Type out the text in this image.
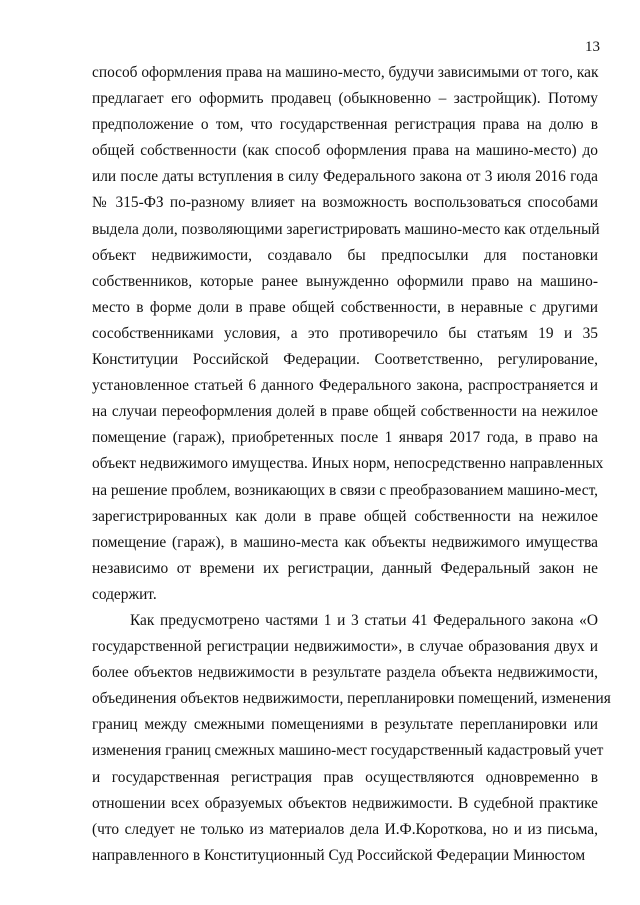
13
способ оформления права на машино-место, будучи зависимыми от того, как
предлагает его оформить продавец (обыкновенно – застройщик). Потому
предположение о том, что государственная регистрация права на долю в
общей собственности (как способ оформления права на машино-место) до
или после даты вступления в силу Федерального закона от 3 июля 2016 года
№ 315-ФЗ по-разному влияет на возможность воспользоваться способами
выдела доли, позволяющими зарегистрировать машино-место как отдельный
объект недвижимости, создавало бы предпосылки для постановки
собственников, которые ранее вынужденно оформили право на машино-
место в форме доли в праве общей собственности, в неравные с другими
сособственниками условия, а это противоречило бы статьям 19 и 35
Конституции Российской Федерации. Соответственно, регулирование,
установленное статьей 6 данного Федерального закона, распространяется и
на случаи переоформления долей в праве общей собственности на нежилое
помещение (гараж), приобретенных после 1 января 2017 года, в право на
объект недвижимого имущества. Иных норм, непосредственно направленных
на решение проблем, возникающих в связи с преобразованием машино-мест,
зарегистрированных как доли в праве общей собственности на нежилое
помещение (гараж), в машино-места как объекты недвижимого имущества
независимо от времени их регистрации, данный Федеральный закон не
содержит.
Как предусмотрено частями 1 и 3 статьи 41 Федерального закона «О
государственной регистрации недвижимости», в случае образования двух и
более объектов недвижимости в результате раздела объекта недвижимости,
объединения объектов недвижимости, перепланировки помещений, изменения
границ между смежными помещениями в результате перепланировки или
изменения границ смежных машино-мест государственный кадастровый учет
и государственная регистрация прав осуществляются одновременно в
отношении всех образуемых объектов недвижимости. В судебной практике
(что следует не только из материалов дела И.Ф.Короткова, но и из письма,
направленного в Конституционный Суд Российской Федерации Минюстом
